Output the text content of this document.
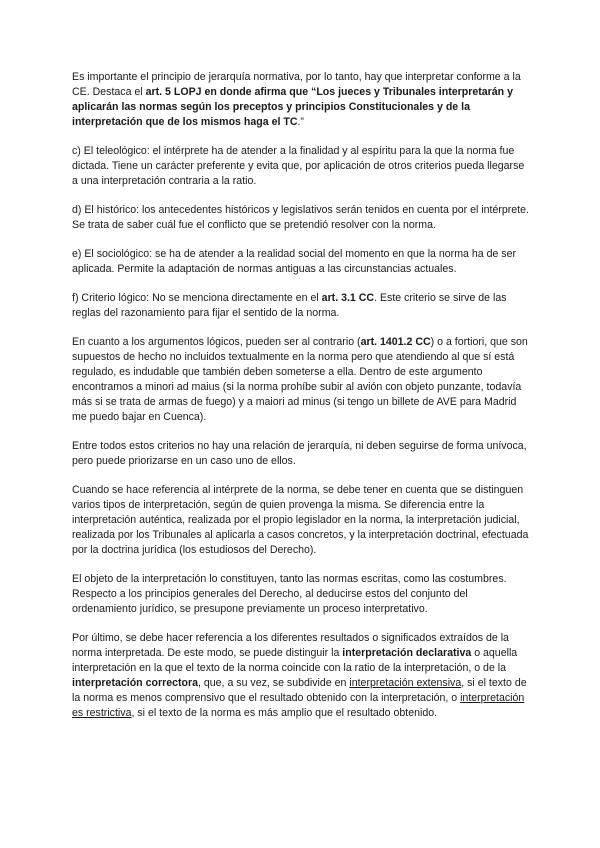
Es importante el principio de jerarquía normativa, por lo tanto, hay que interpretar conforme a la CE. Destaca el art. 5 LOPJ en donde afirma que “Los jueces y Tribunales interpretarán y aplicarán las normas según los preceptos y principios Constitucionales y de la interpretación que de los mismos haga el TC.”

c) El teleológico: el intérprete ha de atender a la finalidad y al espíritu para la que la norma fue dictada. Tiene un carácter preferente y evita que, por aplicación de otros criterios pueda llegarse a una interpretación contraria a la ratio.

d) El histórico: los antecedentes históricos y legislativos serán tenidos en cuenta por el intérprete. Se trata de saber cuál fue el conflicto que se pretendió resolver con la norma.

e) El sociológico: se ha de atender a la realidad social del momento en que la norma ha de ser aplicada. Permite la adaptación de normas antiguas a las circunstancias actuales.

f) Criterio lógico: No se menciona directamente en el art. 3.1 CC. Este criterio se sirve de las reglas del razonamiento para fijar el sentido de la norma.

En cuanto a los argumentos lógicos, pueden ser al contrario (art. 1401.2 CC) o a fortiori, que son supuestos de hecho no incluidos textualmente en la norma pero que atendiendo al que sí está regulado, es indudable que también deben someterse a ella. Dentro de este argumento encontramos a minori ad maius (si la norma prohíbe subir al avión con objeto punzante, todavía más si se trata de armas de fuego) y a maiori ad minus (si tengo un billete de AVE para Madrid me puedo bajar en Cuenca).

Entre todos estos criterios no hay una relación de jerarquía, ni deben seguirse de forma unívoca, pero puede priorizarse en un caso uno de ellos.

Cuando se hace referencia al intérprete de la norma, se debe tener en cuenta que se distinguen varios tipos de interpretación, según de quien provenga la misma. Se diferencia entre la interpretación auténtica, realizada por el propio legislador en la norma, la interpretación judicial, realizada por los Tribunales al aplicarla a casos concretos, y la interpretación doctrinal, efectuada por la doctrina jurídica (los estudiosos del Derecho).

El objeto de la interpretación lo constituyen, tanto las normas escritas, como las costumbres. Respecto a los principios generales del Derecho, al deducirse estos del conjunto del ordenamiento jurídico, se presupone previamente un proceso interpretativo.

Por último, se debe hacer referencia a los diferentes resultados o significados extraídos de la norma interpretada. De este modo, se puede distinguir la interpretación declarativa o aquella interpretación en la que el texto de la norma coincide con la ratio de la interpretación, o de la interpretación correctora, que, a su vez, se subdivide en interpretación extensiva, si el texto de la norma es menos comprensivo que el resultado obtenido con la interpretación, o interpretación es restrictiva, si el texto de la norma es más amplio que el resultado obtenido.
